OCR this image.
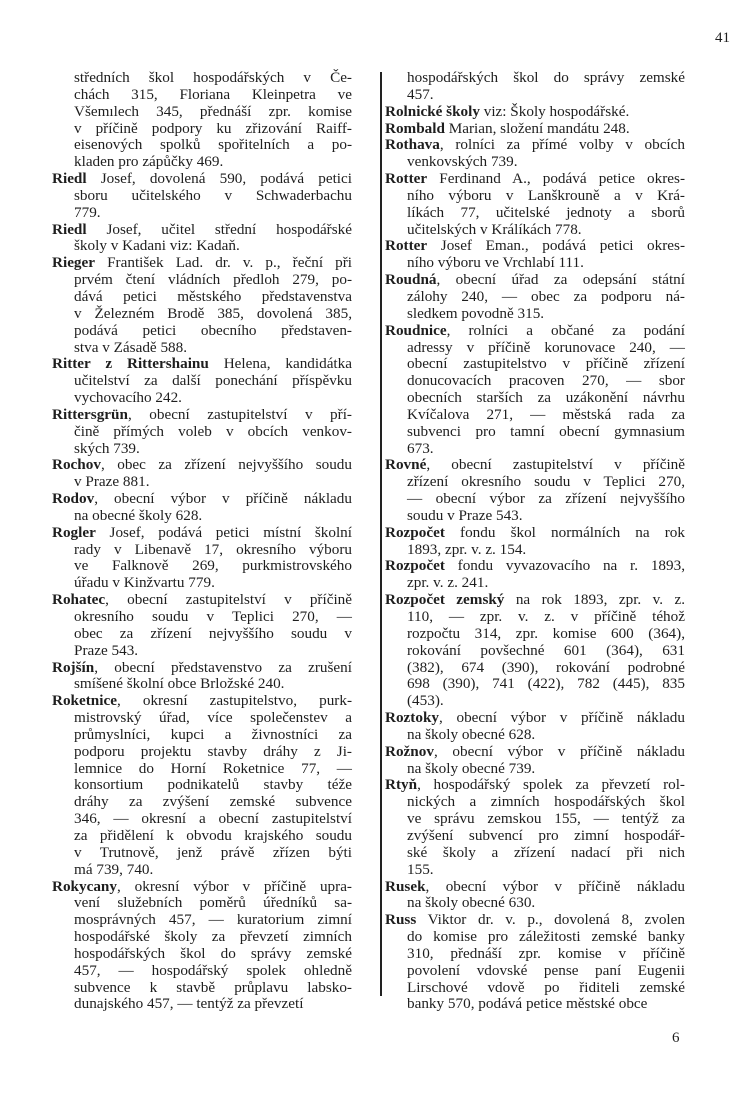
41
středních škol hospodářských v Če-
chách 315, Floriana Kleinpetra ve
Všemılech 345, přednáší zpr. komise
v příčině podpory ku zřizování Raiff-
eisenových spolků spořitelních a po-
kladen pro zápůčky 469.
Riedl Josef, dovolená 590, podává petici
sboru učitelského v Schwaderbachu
779.
Riedl Josef, učitel střední hospodářské
školy v Kadani viz: Kadaň.
Rieger František Lad. dr. v. p., řeční při
prvém čtení vládních předloh 279, po-
dává petici městského představenstva
v Železném Brodě 385, dovolená 385,
podává petici obecního představen-
stva v Zásadě 588.
Ritter z Rittershainu Helena, kandidátka
učitelství za další ponechání příspěvku
vychovacího 242.
Rittersgrün, obecní zastupitelství v pří-
čině přímých voleb v obcích venkov-
ských 739.
Rochov, obec za zřízení nejvyššího soudu
v Praze 881.
Rodov, obecní výbor v příčině nákladu
na obecné školy 628.
Rogler Josef, podává petici místní školní
rady v Libenavě 17, okresního výboru
ve Falknově 269, purkmistrovského
úřadu v Kinžvartu 779.
Rohatec, obecní zastupitelství v příčině
okresního soudu v Teplici 270, —
obec za zřízení nejvyššího soudu v
Praze 543.
Rojšín, obecní představenstvo za zrušení
smíšené školní obce Brložské 240.
Roketnice, okresní zastupitelstvo, purk-
mistrovský úřad, více společenstev a
průmyslníci, kupci a živnostníci za
podporu projektu stavby dráhy z Ji-
lemnice do Horní Roketnice 77, —
konsortium podnikatelů stavby téže
dráhy za zvýšení zemské subvence
346, — okresní a obecní zastupitelství
za přidělení k obvodu krajského soudu
v Trutnově, jenž právě zřízen býti
má 739, 740.
Rokycany, okresní výbor v příčině upra-
vení služebních poměrů úředníků sa-
mosprávných 457, — kuratorium zimní
hospodářské školy za převzetí zimních
hospodářských škol do správy zemské
457, — hospodářský spolek ohledně
subvence k stavbě průplavu labsko-
dunajského 457, — tentýž za převzetí
hospodářských škol do správy zemské
457.
Rolnické školy viz: Školy hospodářské.
Rombald Marian, složení mandátu 248.
Rothava, rolníci za přímé volby v obcích
venkovských 739.
Rotter Ferdinand A., podává petice okres-
ního výboru v Lanškrouně a v Krá-
líkách 77, učitelské jednoty a sborů
učitelských v Králíkách 778.
Rotter Josef Eman., podává petici okres-
ního výboru ve Vrchlabí 111.
Roudná, obecní úřad za odepsání státní
zálohy 240, — obec za podporu ná-
sledkem povodně 315.
Roudnice, rolníci a občané za podání
adressy v příčině korunovace 240, —
obecní zastupitelstvo v příčině zřízení
donucovacích pracoven 270, — sbor
obecních starších za uzákonění návrhu
Kvíčalova 271, — městská rada za
subvenci pro tamní obecní gymnasium
673.
Rovné, obecní zastupitelství v příčině
zřízení okresního soudu v Teplici 270,
— obecní výbor za zřízení nejvyššího
soudu v Praze 543.
Rozpočet fondu škol normálních na rok
1893, zpr. v. z. 154.
Rozpočet fondu vyvazovacího na r. 1893,
zpr. v. z. 241.
Rozpočet zemský na rok 1893, zpr. v. z.
110, — zpr. v. z. v příčině téhož
rozpočtu 314, zpr. komise 600 (364),
rokování povšechné 601 (364), 631
(382), 674 (390), rokování podrobné
698 (390), 741 (422), 782 (445), 835
(453).
Roztoky, obecní výbor v příčině nákladu
na školy obecné 628.
Rožnov, obecní výbor v příčině nákladu
na školy obecné 739.
Rtyň, hospodářský spolek za převzetí rol-
nických a zimních hospodářských škol
ve správu zemskou 155, — tentýž za
zvýšení subvencí pro zimní hospodář-
ské školy a zřízení nadací při nich
155.
Rusek, obecní výbor v příčině nákladu
na školy obecné 630.
Russ Viktor dr. v. p., dovolená 8, zvolen
do komise pro záležitosti zemské banky
310, přednáší zpr. komise v příčině
povolení vdovské pense paní Eugenii
Lirschové vdově po řiditeli zemské
banky 570, podává petice městské obce
6
